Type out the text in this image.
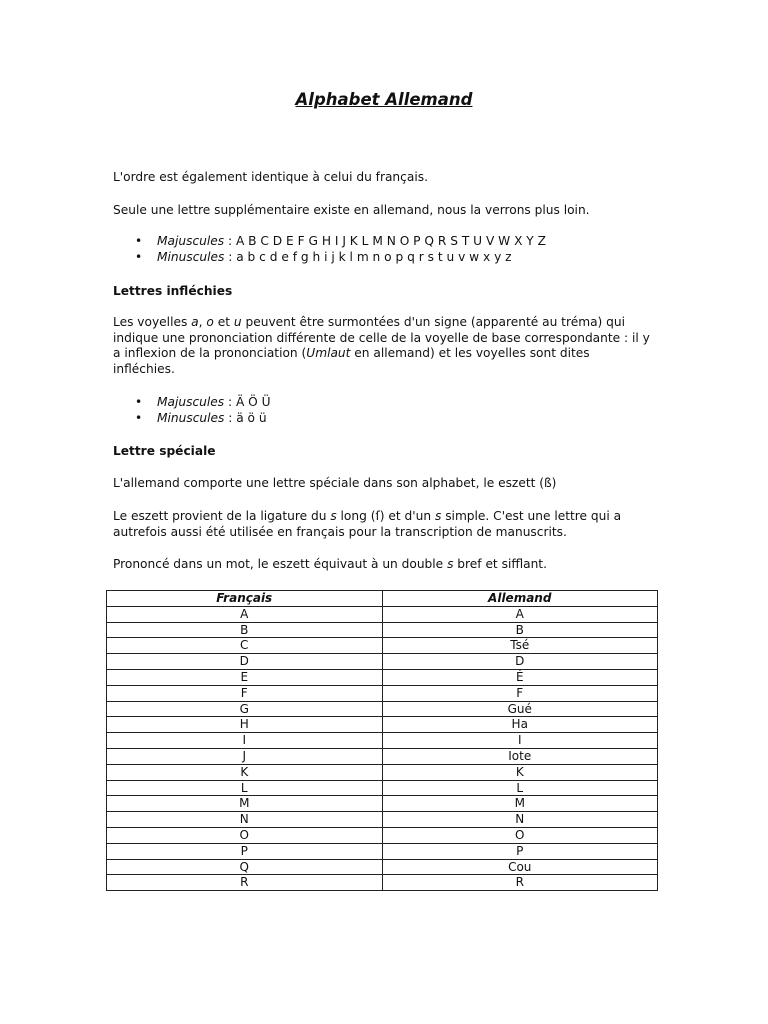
Alphabet Allemand

L'ordre est également identique à celui du français.

Seule une lettre supplémentaire existe en allemand, nous la verrons plus loin.

• Majuscules : A B C D E F G H I J K L M N O P Q R S T U V W X Y Z
• Minuscules : a b c d e f g h i j k l m n o p q r s t u v w x y z
Lettres infléchies

Les voyelles a, o et u peuvent être surmontées d'un signe (apparenté au tréma) qui indique une prononciation différente de celle de la voyelle de base correspondante : il y a inflexion de la prononciation (Umlaut en allemand) et les voyelles sont dites infléchies.

• Majuscules : Ä Ö Ü
• Minuscules : ä ö ü
Lettre spéciale

L'allemand comporte une lettre spéciale dans son alphabet, le eszett (ß)

Le eszett provient de la ligature du s long (ſ) et d'un s simple. C'est une lettre qui a autrefois aussi été utilisée en français pour la transcription de manuscrits.

Prononcé dans un mot, le eszett équivaut à un double s bref et sifflant.

Français	Allemand
A	A
B	B
C	Tsé
D	D
E	É
F	F
G	Gué
H	Ha
I	I
J	Iote
K	K
L	L
M	M
N	N
O	O
P	P
Q	Cou
R	R
